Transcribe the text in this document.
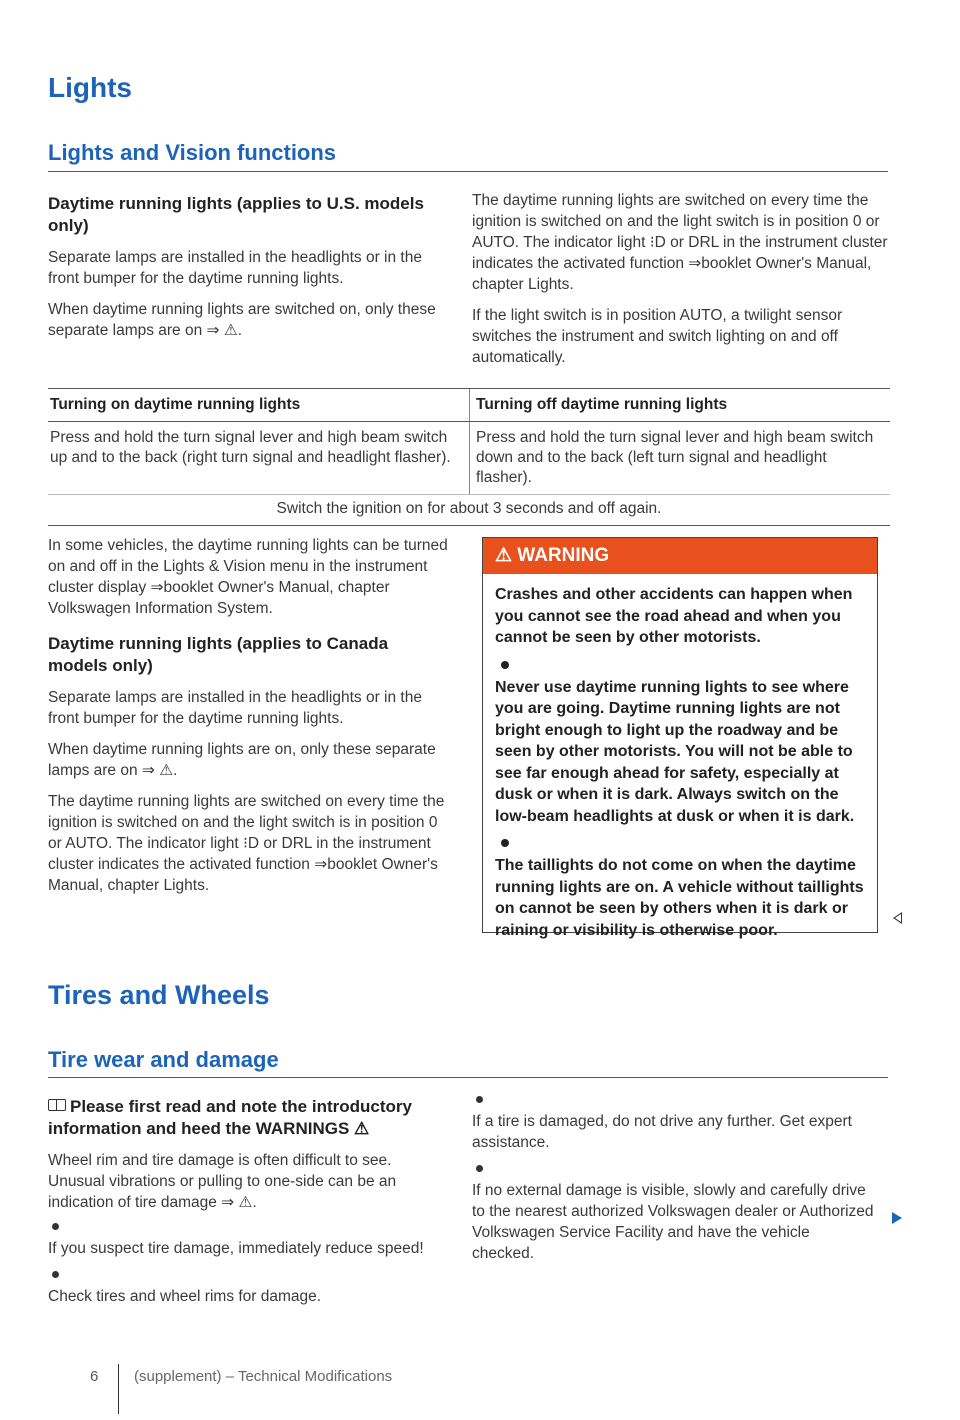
Lights
Lights and Vision functions
Daytime running lights (applies to U.S. models only)

Separate lamps are installed in the headlights or in the front bumper for the daytime running lights.

When daytime running lights are switched on, only these separate lamps are on ⇒ ⚠.

The daytime running lights are switched on every time the ignition is switched on and the light switch is in position 0 or AUTO. The indicator light ⁝D or DRL in the instrument cluster indicates the activated function ⇒booklet Owner's Manual, chapter Lights.

If the light switch is in position AUTO, a twilight sensor switches the instrument and switch lighting on and off automatically.

Turning on daytime running lights	Turning off daytime running lights
Press and hold the turn signal lever and high beam switch up and to the back (right turn signal and headlight flasher).
Press and hold the turn signal lever and high beam switch down and to the back (left turn signal and headlight flasher).
Switch the ignition on for about 3 seconds and off again.

In some vehicles, the daytime running lights can be turned on and off in the Lights & Vision menu in the instrument cluster display ⇒booklet Owner's Manual, chapter Volkswagen Information System.

Daytime running lights (applies to Canada models only)

Separate lamps are installed in the headlights or in the front bumper for the daytime running lights.

When daytime running lights are on, only these separate lamps are on ⇒ ⚠.

The daytime running lights are switched on every time the ignition is switched on and the light switch is in position 0 or AUTO. The indicator light ⁝D or DRL in the instrument cluster indicates the activated function ⇒booklet Owner's Manual, chapter Lights.

⚠ WARNING

Crashes and other accidents can happen when you cannot see the road ahead and when you cannot be seen by other motorists.

Never use daytime running lights to see where you are going. Daytime running lights are not bright enough to light up the roadway and be seen by other motorists. You will not be able to see far enough ahead for safety, especially at dusk or when it is dark. Always switch on the low-beam headlights at dusk or when it is dark.

The taillights do not come on when the daytime running lights are on. A vehicle without taillights on cannot be seen by others when it is dark or raining or visibility is otherwise poor.

Tires and Wheels
Tire wear and damage
Please first read and note the introductory information and heed the WARNINGS ⚠

Wheel rim and tire damage is often difficult to see. Unusual vibrations or pulling to one-side can be an indication of tire damage ⇒ ⚠.

If you suspect tire damage, immediately reduce speed!

Check tires and wheel rims for damage.

If a tire is damaged, do not drive any further. Get expert assistance.

If no external damage is visible, slowly and carefully drive to the nearest authorized Volkswagen dealer or Authorized Volkswagen Service Facility and have the vehicle checked.

6 (supplement) – Technical Modifications
